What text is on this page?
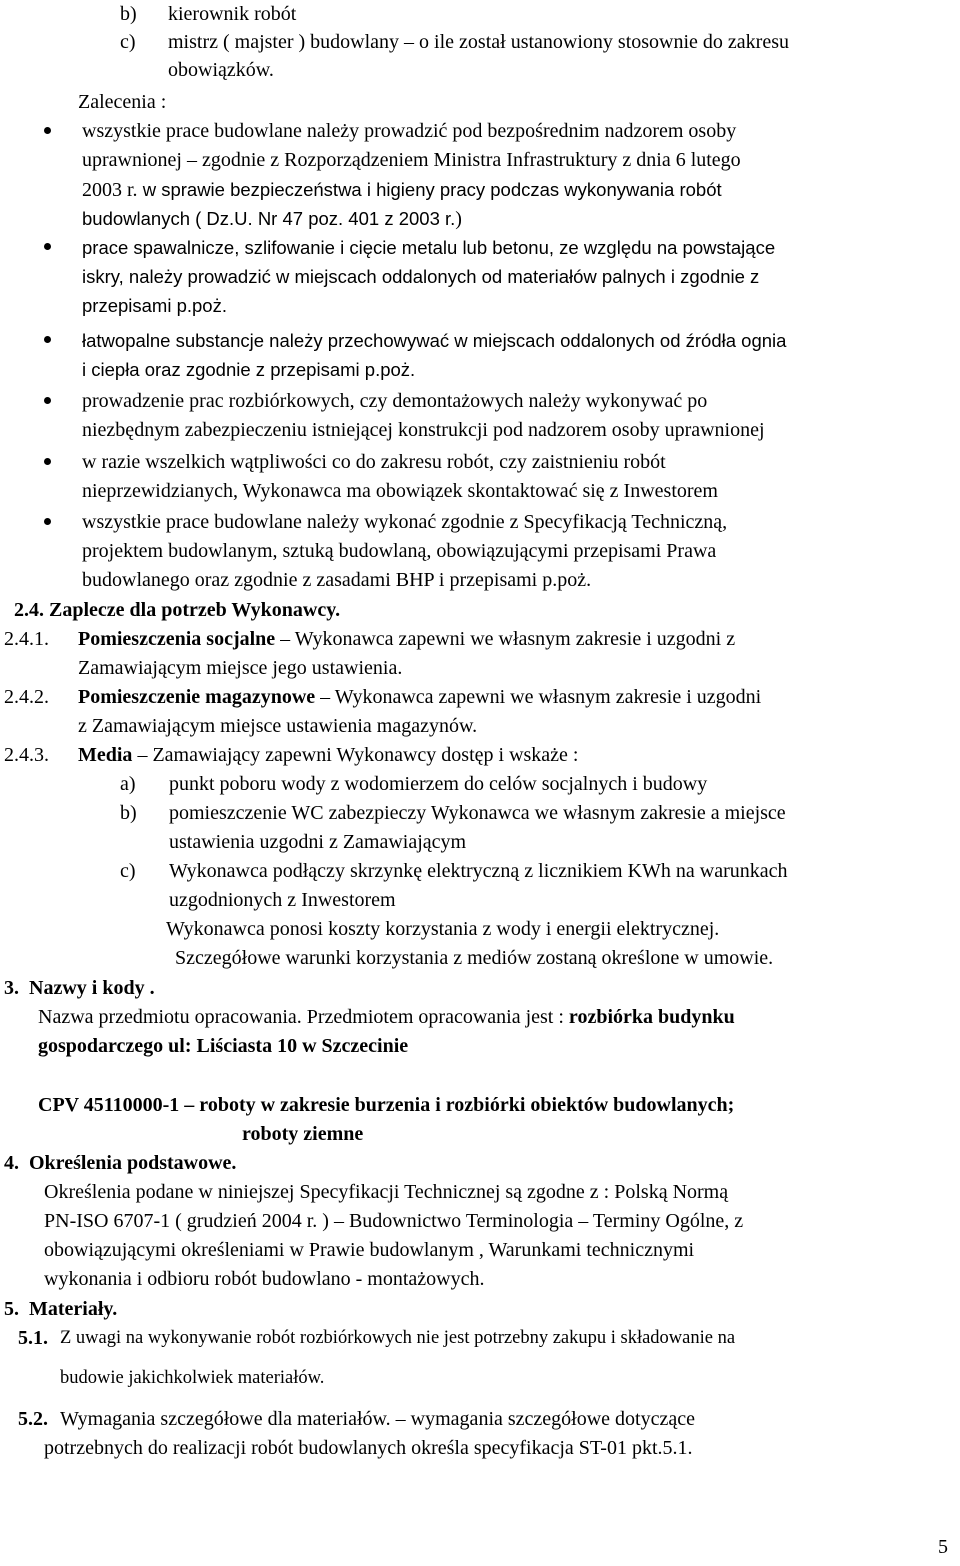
b) kierownik robót
c) mistrz ( majster ) budowlany – o ile został ustanowiony stosownie do zakresu
obowiązków.
Zalecenia :
wszystkie prace budowlane należy prowadzić pod bezpośrednim nadzorem osoby
uprawnionej – zgodnie z Rozporządzeniem Ministra Infrastruktury z dnia 6 lutego
2003 r. w sprawie bezpieczeństwa i higieny pracy podczas wykonywania robót
budowlanych ( Dz.U. Nr 47 poz. 401 z 2003 r.)
prace spawalnicze, szlifowanie i cięcie metalu lub betonu, ze względu na powstające
iskry, należy prowadzić w miejscach oddalonych od materiałów palnych i zgodnie z
przepisami p.poż.
łatwopalne substancje należy przechowywać w miejscach oddalonych od źródła ognia
i ciepła oraz zgodnie z przepisami p.poż.
prowadzenie prac rozbiórkowych, czy demontażowych należy wykonywać po
niezbędnym zabezpieczeniu istniejącej konstrukcji pod nadzorem osoby uprawnionej
w razie wszelkich wątpliwości co do zakresu robót, czy zaistnieniu robót
nieprzewidzianych, Wykonawca ma obowiązek skontaktować się z Inwestorem
wszystkie prace budowlane należy wykonać zgodnie z Specyfikacją Techniczną,
projektem budowlanym, sztuką budowlaną, obowiązującymi przepisami Prawa
budowlanego oraz zgodnie z zasadami BHP i przepisami p.poż.
2.4. Zaplecze dla potrzeb Wykonawcy.
2.4.1. Pomieszczenia socjalne – Wykonawca zapewni we własnym zakresie i uzgodni z
Zamawiającym miejsce jego ustawienia.
2.4.2. Pomieszczenie magazynowe – Wykonawca zapewni we własnym zakresie i uzgodni
z Zamawiającym miejsce ustawienia magazynów.
2.4.3. Media – Zamawiający zapewni Wykonawcy dostęp i wskaże :
a) punkt poboru wody z wodomierzem do celów socjalnych i budowy
b) pomieszczenie WC zabezpieczy Wykonawca we własnym zakresie a miejsce
ustawienia uzgodni z Zamawiającym
c) Wykonawca podłączy skrzynkę elektryczną z licznikiem KWh na warunkach
uzgodnionych z Inwestorem
Wykonawca ponosi koszty korzystania z wody i energii elektrycznej.
Szczegółowe warunki korzystania z mediów zostaną określone w umowie.
3.  Nazwy i kody .
Nazwa przedmiotu opracowania. Przedmiotem opracowania jest : rozbiórka budynku
gospodarczego ul: Liściasta 10 w Szczecinie
CPV 45110000-1 – roboty w zakresie burzenia i rozbiórki obiektów budowlanych;
roboty ziemne
4.  Określenia podstawowe.
Określenia podane w niniejszej Specyfikacji Technicznej są zgodne z : Polską Normą
PN-ISO 6707-1 ( grudzień 2004 r. ) – Budownictwo Terminologia – Terminy Ogólne, z
obowiązującymi określeniami w Prawie budowlanym , Warunkami technicznymi
wykonania i odbioru robót budowlano - montażowych.
5.  Materiały.
5.1. Z uwagi na wykonywanie robót rozbiórkowych nie jest potrzebny zakupu i składowanie na
budowie jakichkolwiek materiałów.
5.2. Wymagania szczegółowe dla materiałów. – wymagania szczegółowe dotyczące
potrzebnych do realizacji robót budowlanych określa specyfikacja ST-01 pkt.5.1.
5
